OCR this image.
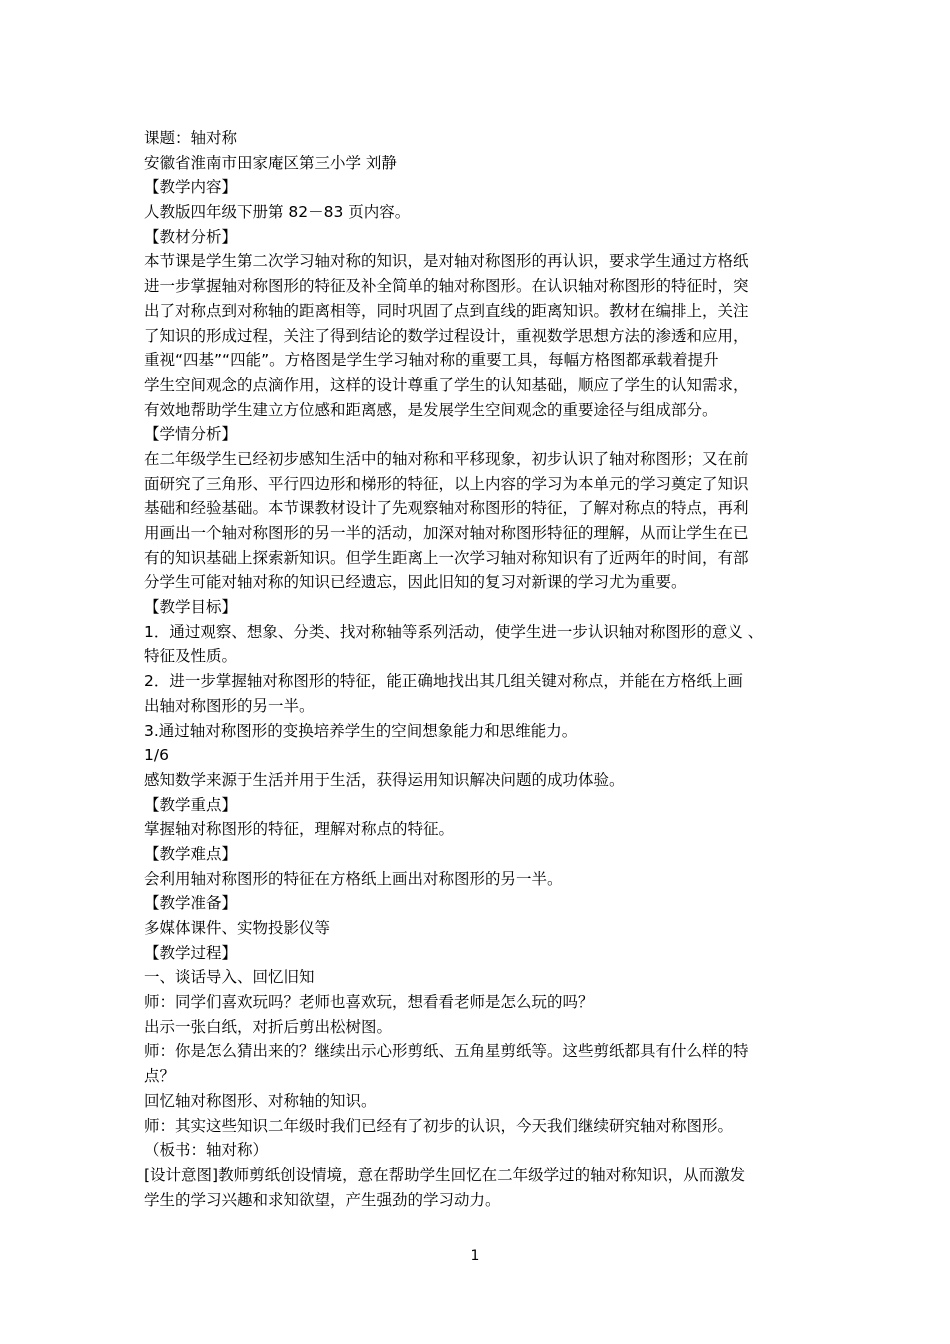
课题：轴对称
安徽省淮南市田家庵区第三小学 刘静
【教学内容】
人教版四年级下册第 82－83 页内容。
【教材分析】
本节课是学生第二次学习轴对称的知识，是对轴对称图形的再认识，要求学生通过方格纸
进一步掌握轴对称图形的特征及补全简单的轴对称图形。在认识轴对称图形的特征时，突
出了对称点到对称轴的距离相等，同时巩固了点到直线的距离知识。教材在编排上，关注
了知识的形成过程，关注了得到结论的数学过程设计，重视数学思想方法的渗透和应用，
重视“四基”“四能”。方格图是学生学习轴对称的重要工具，每幅方格图都承载着提升
学生空间观念的点滴作用，这样的设计尊重了学生的认知基础，顺应了学生的认知需求，
有效地帮助学生建立方位感和距离感，是发展学生空间观念的重要途径与组成部分。
【学情分析】
在二年级学生已经初步感知生活中的轴对称和平移现象，初步认识了轴对称图形；又在前
面研究了三角形、平行四边形和梯形的特征，以上内容的学习为本单元的学习奠定了知识
基础和经验基础。本节课教材设计了先观察轴对称图形的特征，了解对称点的特点，再利
用画出一个轴对称图形的另一半的活动，加深对轴对称图形特征的理解，从而让学生在已
有的知识基础上探索新知识。但学生距离上一次学习轴对称知识有了近两年的时间，有部
分学生可能对轴对称的知识已经遗忘，因此旧知的复习对新课的学习尤为重要。
【教学目标】
1．通过观察、想象、分类、找对称轴等系列活动，使学生进一步认识轴对称图形的意义 、
特征及性质。
2．进一步掌握轴对称图形的特征，能正确地找出其几组关键对称点，并能在方格纸上画
出轴对称图形的另一半。
3.通过轴对称图形的变换培养学生的空间想象能力和思维能力。
1/6
感知数学来源于生活并用于生活，获得运用知识解决问题的成功体验。
【教学重点】
掌握轴对称图形的特征，理解对称点的特征。
【教学难点】
会利用轴对称图形的特征在方格纸上画出对称图形的另一半。
【教学准备】
多媒体课件、实物投影仪等
【教学过程】
一、谈话导入、回忆旧知
师：同学们喜欢玩吗？老师也喜欢玩，想看看老师是怎么玩的吗？
出示一张白纸，对折后剪出松树图。
师：你是怎么猜出来的？继续出示心形剪纸、五角星剪纸等。这些剪纸都具有什么样的特
点？
回忆轴对称图形、对称轴的知识。
师：其实这些知识二年级时我们已经有了初步的认识，今天我们继续研究轴对称图形。
（板书：轴对称）
[设计意图]教师剪纸创设情境，意在帮助学生回忆在二年级学过的轴对称知识，从而激发
学生的学习兴趣和求知欲望，产生强劲的学习动力。
1
